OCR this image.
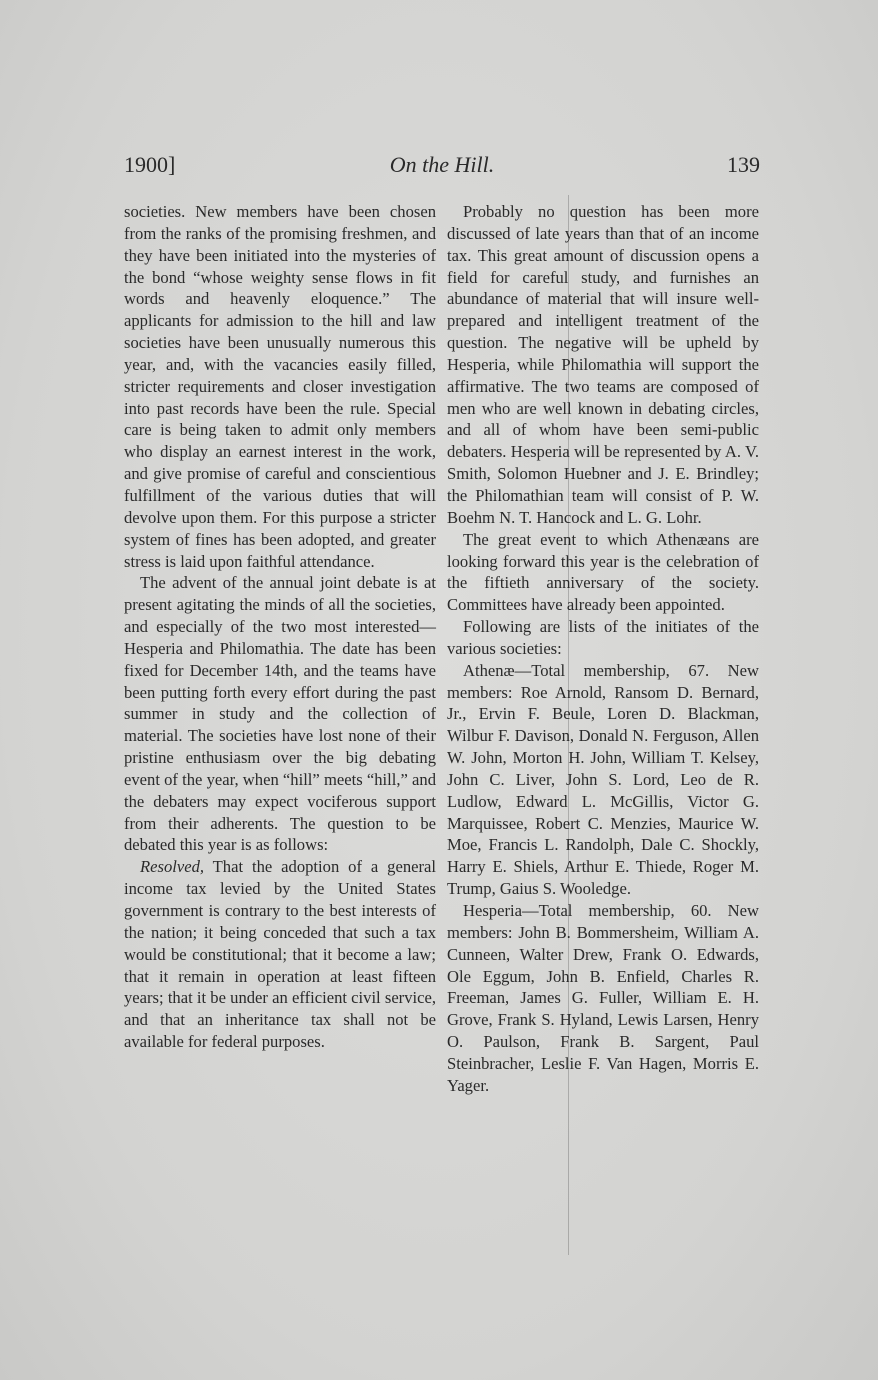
1900]	On the Hill.	139

societies. New members have been chosen from the ranks of the promising freshmen, and they have been initiated into the mysteries of the bond “whose weighty sense flows in fit words and heavenly eloquence.” The applicants for admission to the hill and law societies have been unusually numerous this year, and, with the vacancies easily filled, stricter requirements and closer investigation into past records have been the rule. Special care is being taken to admit only members who display an earnest interest in the work, and give promise of careful and conscientious fulfillment of the various duties that will devolve upon them. For this purpose a stricter system of fines has been adopted, and greater stress is laid upon faithful attendance.

The advent of the annual joint debate is at present agitating the minds of all the societies, and especially of the two most interested—Hesperia and Philomathia. The date has been fixed for December 14th, and the teams have been putting forth every effort during the past summer in study and the collection of material. The societies have lost none of their pristine enthusiasm over the big debating event of the year, when “hill” meets “hill,” and the debaters may expect vociferous support from their adherents. The question to be debated this year is as follows:

Resolved, That the adoption of a general income tax levied by the United States government is contrary to the best interests of the nation; it being conceded that such a tax would be constitutional; that it become a law; that it remain in operation at least fifteen years; that it be under an efficient civil service, and that an inheritance tax shall not be available for federal purposes.

Probably no question has been more discussed of late years than that of an income tax. This great amount of discussion opens a field for careful study, and furnishes an abundance of material that will insure well-prepared and intelligent treatment of the question. The negative will be upheld by Hesperia, while Philomathia will support the affirmative. The two teams are composed of men who are well known in debating circles, and all of whom have been semi-public debaters. Hesperia will be represented by A. V. Smith, Solomon Huebner and J. E. Brindley; the Philomathian team will consist of P. W. Boehm N. T. Hancock and L. G. Lohr.

The great event to which Athenæans are looking forward this year is the celebration of the fiftieth anniversary of the society. Committees have already been appointed.

Following are lists of the initiates of the various societies:

Athenæ—Total membership, 67. New members: Roe Arnold, Ransom D. Bernard, Jr., Ervin F. Beule, Loren D. Blackman, Wilbur F. Davison, Donald N. Ferguson, Allen W. John, Morton H. John, William T. Kelsey, John C. Liver, John S. Lord, Leo de R. Ludlow, Edward L. McGillis, Victor G. Marquissee, Robert C. Menzies, Maurice W. Moe, Francis L. Randolph, Dale C. Shockly, Harry E. Shiels, Arthur E. Thiede, Roger M. Trump, Gaius S. Wooledge.

Hesperia—Total membership, 60. New members: John B. Bommersheim, William A. Cunneen, Walter Drew, Frank O. Edwards, Ole Eggum, John B. Enfield, Charles R. Freeman, James G. Fuller, William E. H. Grove, Frank S. Hyland, Lewis Larsen, Henry O. Paulson, Frank B. Sargent, Paul Steinbracher, Leslie F. Van Hagen, Morris E. Yager.
